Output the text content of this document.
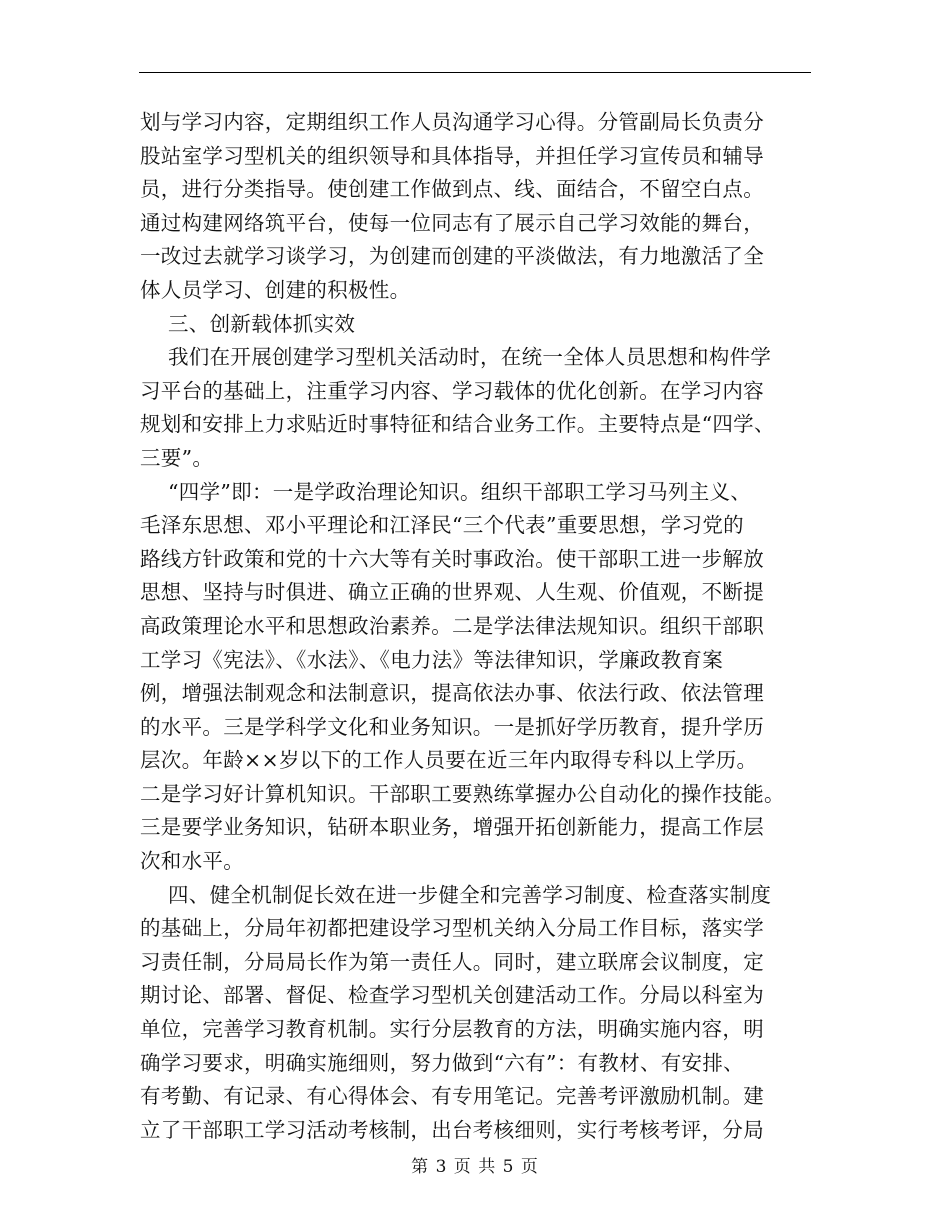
划与学习内容，定期组织工作人员沟通学习心得。分管副局长负责分
股站室学习型机关的组织领导和具体指导，并担任学习宣传员和辅导
员，进行分类指导。使创建工作做到点、线、面结合，不留空白点。
通过构建网络筑平台，使每一位同志有了展示自己学习效能的舞台，
一改过去就学习谈学习，为创建而创建的平淡做法，有力地激活了全
体人员学习、创建的积极性。
三、创新载体抓实效
我们在开展创建学习型机关活动时，在统一全体人员思想和构件学
习平台的基础上，注重学习内容、学习载体的优化创新。在学习内容
规划和安排上力求贴近时事特征和结合业务工作。主要特点是“四学、
三要”。
“四学”即：一是学政治理论知识。组织干部职工学习马列主义、
毛泽东思想、邓小平理论和江泽民“三个代表”重要思想，学习党的
路线方针政策和党的十六大等有关时事政治。使干部职工进一步解放
思想、坚持与时俱进、确立正确的世界观、人生观、价值观，不断提
高政策理论水平和思想政治素养。二是学法律法规知识。组织干部职
工学习《宪法》、《水法》、《电力法》等法律知识，学廉政教育案
例，增强法制观念和法制意识，提高依法办事、依法行政、依法管理
的水平。三是学科学文化和业务知识。一是抓好学历教育，提升学历
层次。年龄××岁以下的工作人员要在近三年内取得专科以上学历。
二是学习好计算机知识。干部职工要熟练掌握办公自动化的操作技能。
三是要学业务知识，钻研本职业务，增强开拓创新能力，提高工作层
次和水平。
四、健全机制促长效在进一步健全和完善学习制度、检查落实制度
的基础上，分局年初都把建设学习型机关纳入分局工作目标，落实学
习责任制，分局局长作为第一责任人。同时，建立联席会议制度，定
期讨论、部署、督促、检查学习型机关创建活动工作。分局以科室为
单位，完善学习教育机制。实行分层教育的方法，明确实施内容，明
确学习要求，明确实施细则，努力做到“六有”：有教材、有安排、
有考勤、有记录、有心得体会、有专用笔记。完善考评激励机制。建
立了干部职工学习活动考核制，出台考核细则，实行考核考评，分局
第 3 页 共 5 页
